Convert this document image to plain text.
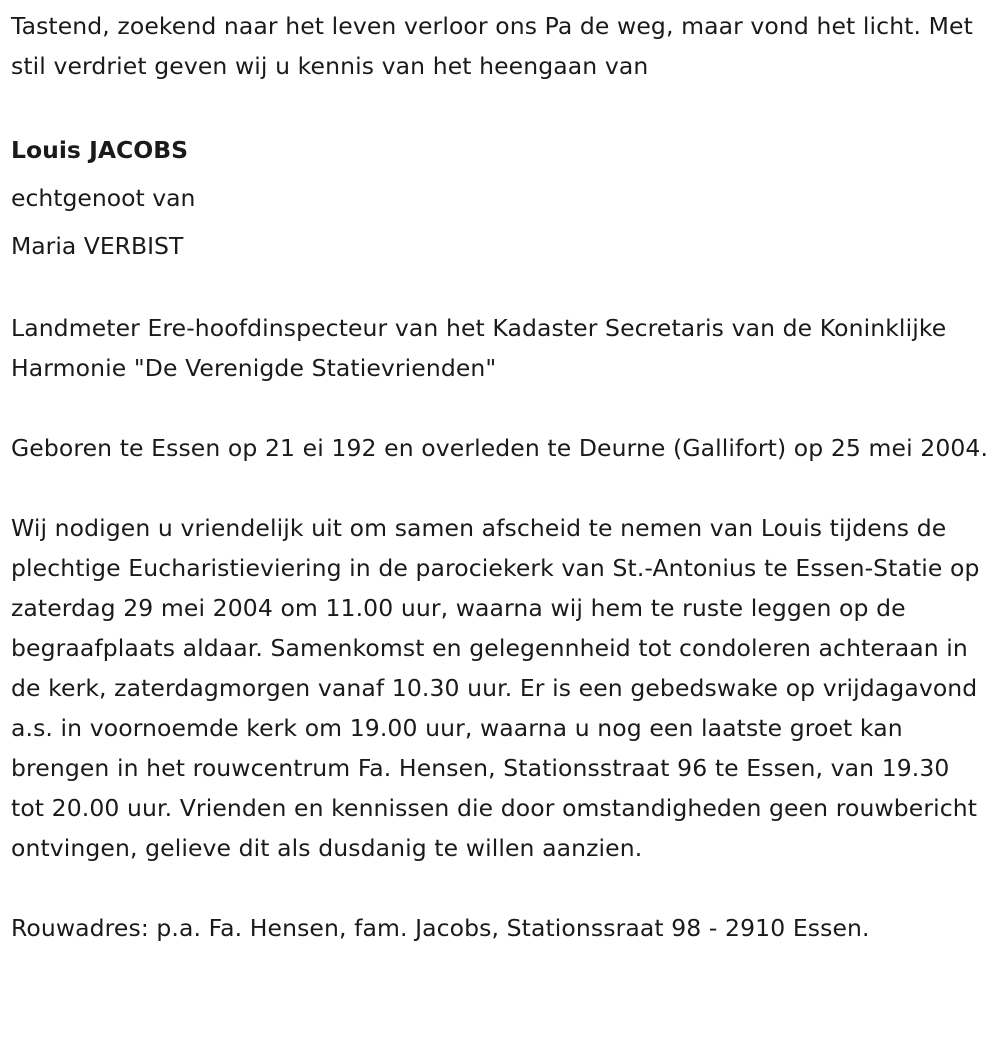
Tastend, zoekend naar het leven verloor ons Pa de weg, maar vond het licht. Met stil verdriet geven wij u kennis van het heengaan van

Louis JACOBS

echtgenoot van

Maria VERBIST

Landmeter Ere-hoofdinspecteur van het Kadaster Secretaris van de Koninklijke Harmonie "De Verenigde Statievrienden"

Geboren te Essen op 21 ei 192 en overleden te Deurne (Gallifort) op 25 mei 2004.

Wij nodigen u vriendelijk uit om samen afscheid te nemen van Louis tijdens de plechtige Eucharistieviering in de parociekerk van St.-Antonius te Essen-Statie op zaterdag 29 mei 2004 om 11.00 uur, waarna wij hem te ruste leggen op de begraafplaats aldaar. Samenkomst en gelegennheid tot condoleren achteraan in de kerk, zaterdagmorgen vanaf 10.30 uur. Er is een gebedswake op vrijdagavond a.s. in voornoemde kerk om 19.00 uur, waarna u nog een laatste groet kan brengen in het rouwcentrum Fa. Hensen, Stationsstraat 96 te Essen, van 19.30 tot 20.00 uur. Vrienden en kennissen die door omstandigheden geen rouwbericht ontvingen, gelieve dit als dusdanig te willen aanzien.

Rouwadres: p.a. Fa. Hensen, fam. Jacobs, Stationssraat 98 - 2910 Essen.
